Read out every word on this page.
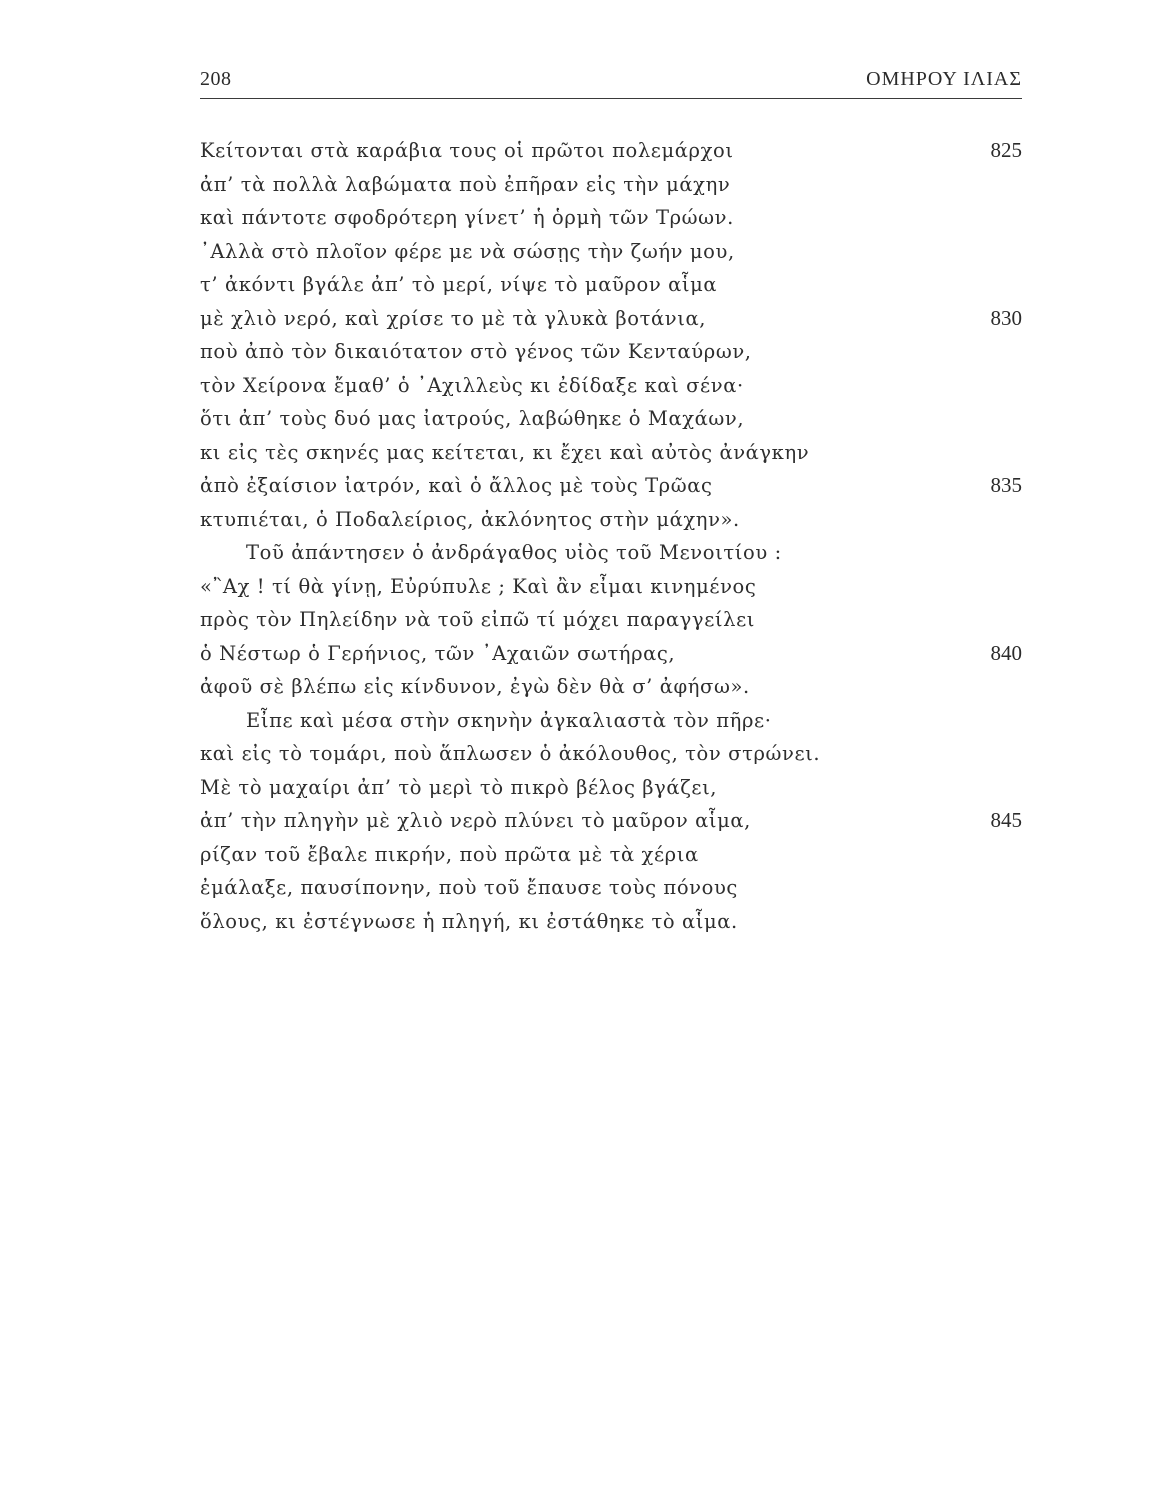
208	ΟΜΗΡΟΥ ΙΛΙΑΣ
Κείτονται στὰ καράβια τους οἱ πρῶτοι πολεμάρχοι	825
ἀπ’ τὰ πολλὰ λαβώματα ποὺ ἐπῆραν εἰς τὴν μάχην
καὶ πάντοτε σφοδρότερη γίνετ’ ἡ ὁρμὴ τῶν Τρώων.
᾿Αλλὰ στὸ πλοῖον φέρε με νὰ σώσῃς τὴν ζωήν μου,
τ’ ἀκόντι βγάλε ἀπ’ τὸ μερί, νίψε τὸ μαῦρον αἷμα
μὲ χλιὸ νερό, καὶ χρίσε το μὲ τὰ γλυκὰ βοτάνια,	830
ποὺ ἀπὸ τὸν δικαιότατον στὸ γένος τῶν Κενταύρων,
τὸν Χείρονα ἔμαθ’ ὁ ᾿Αχιλλεὺς κι ἐδίδαξε καὶ σένα·
ὅτι ἀπ’ τοὺς δυό μας ἰατρούς, λαβώθηκε ὁ Μαχάων,
κι εἰς τὲς σκηνές μας κείτεται, κι ἔχει καὶ αὐτὸς ἀνάγκην
ἀπὸ ἐξαίσιον ἰατρόν, καὶ ὁ ἄλλος μὲ τοὺς Τρῶας	835
κτυπιέται, ὁ Ποδαλείριος, ἀκλόνητος στὴν μάχην».
Τοῦ ἀπάντησεν ὁ ἀνδράγαθος υἱὸς τοῦ Μενοιτίου :
«῍Αχ ! τί θὰ γίνῃ, Εὐρύπυλε ; Καὶ ἂν εἶμαι κινημένος
πρὸς τὸν Πηλείδην νὰ τοῦ εἰπῶ τί μόχει παραγγείλει
ὁ Νέστωρ ὁ Γερήνιος, τῶν ᾿Αχαιῶν σωτήρας,	840
ἀφοῦ σὲ βλέπω εἰς κίνδυνον, ἐγὼ δὲν θὰ σ’ ἀφήσω».
Εἶπε καὶ μέσα στὴν σκηνὴν ἀγκαλιαστὰ τὸν πῆρε·
καὶ εἰς τὸ τομάρι, ποὺ ἅπλωσεν ὁ ἀκόλουθος, τὸν στρώνει.
Μὲ τὸ μαχαίρι ἀπ’ τὸ μερὶ τὸ πικρὸ βέλος βγάζει,
ἀπ’ τὴν πληγὴν μὲ χλιὸ νερὸ πλύνει τὸ μαῦρον αἷμα,	845
ρίζαν τοῦ ἔβαλε πικρήν, ποὺ πρῶτα μὲ τὰ χέρια
ἐμάλαξε, παυσίπονην, ποὺ τοῦ ἔπαυσε τοὺς πόνους
ὅλους, κι ἐστέγνωσε ἡ πληγή, κι ἐστάθηκε τὸ αἷμα.
